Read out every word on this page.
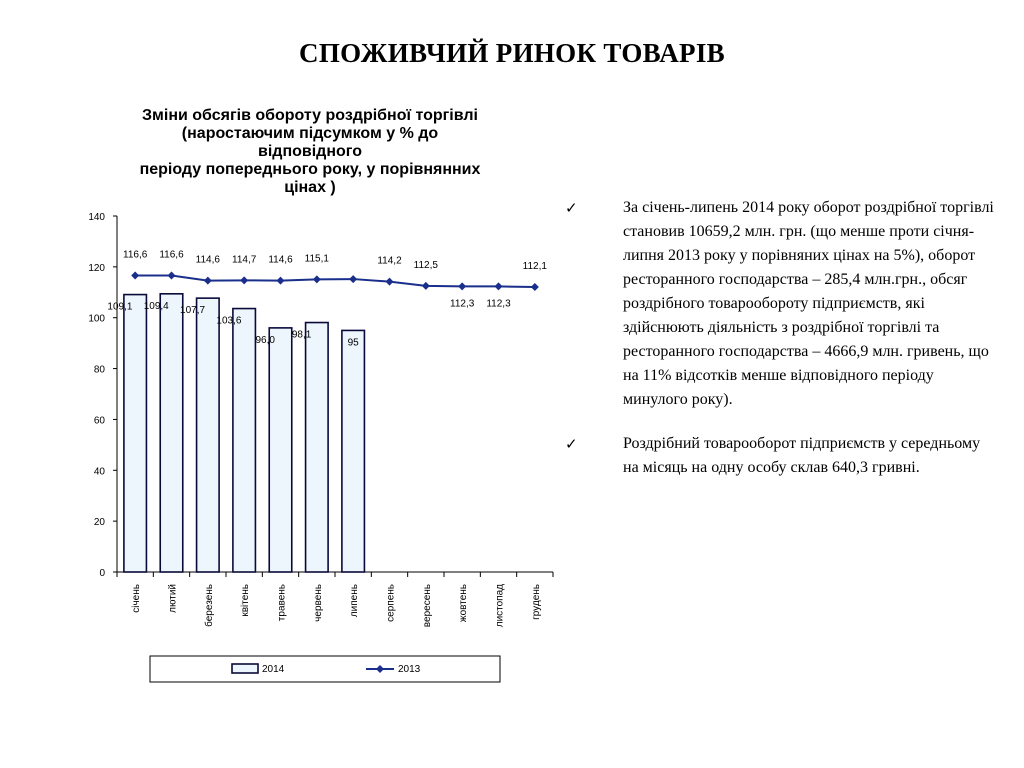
СПОЖИВЧИЙ РИНОК ТОВАРІВ
Зміни обсягів обороту роздрібної торгівлі
(наростаючим підсумком у % до
відповідного
періоду попереднього року, у порівнянних
цінах )
0
20
40
60
80
100
120
140
січень	лютий	березень	квітень	травень	червень	липень	серпень	вересень	жовтень	листопад	грудень
109,1 109,4 107,7
103,6
96,0 98,1
95
116,6 116,6 114,6 114,7 114,6 115,1	114,2 112,5
112,3 112,3
112,1
2014	2013
✓	За січень-липень 2014 року оборот роздрібної торгівлі становив 10659,2 млн. грн. (що менше проти січня-липня 2013 року у порівняних цінах на 5%), оборот ресторанного господарства – 285,4 млн.грн., обсяг роздрібного товарообороту підприємств, які здійснюють діяльність з роздрібної торгівлі та ресторанного господарства – 4666,9 млн. гривень, що на 11% відсотків менше відповідного періоду минулого року).
✓	Роздрібний товарооборот підприємств у середньому на місяць на одну особу склав 640,3 гривні.
